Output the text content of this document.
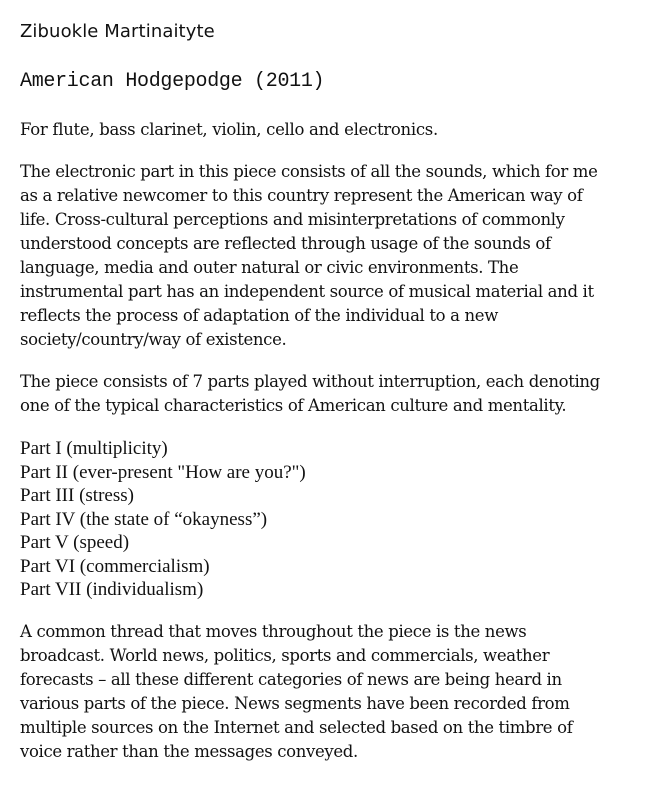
Zibuokle Martinaityte

American Hodgepodge (2011)

For flute, bass clarinet, violin, cello and electronics.

The electronic part in this piece consists of all the sounds, which for me
as a relative newcomer to this country represent the American way of
life. Cross-cultural perceptions and misinterpretations of commonly
understood concepts are reflected through usage of the sounds of
language, media and outer natural or civic environments. The
instrumental part has an independent source of musical material and it
reflects the process of adaptation of the individual to a new
society/country/way of existence.

The piece consists of 7 parts played without interruption, each denoting
one of the typical characteristics of American culture and mentality.

Part I (multiplicity)
Part II (ever-present "How are you?")
Part III (stress)
Part IV (the state of “okayness”)
Part V (speed)
Part VI (commercialism)
Part VII (individualism)

A common thread that moves throughout the piece is the news
broadcast. World news, politics, sports and commercials, weather
forecasts – all these different categories of news are being heard in
various parts of the piece. News segments have been recorded from
multiple sources on the Internet and selected based on the timbre of
voice rather than the messages conveyed.
